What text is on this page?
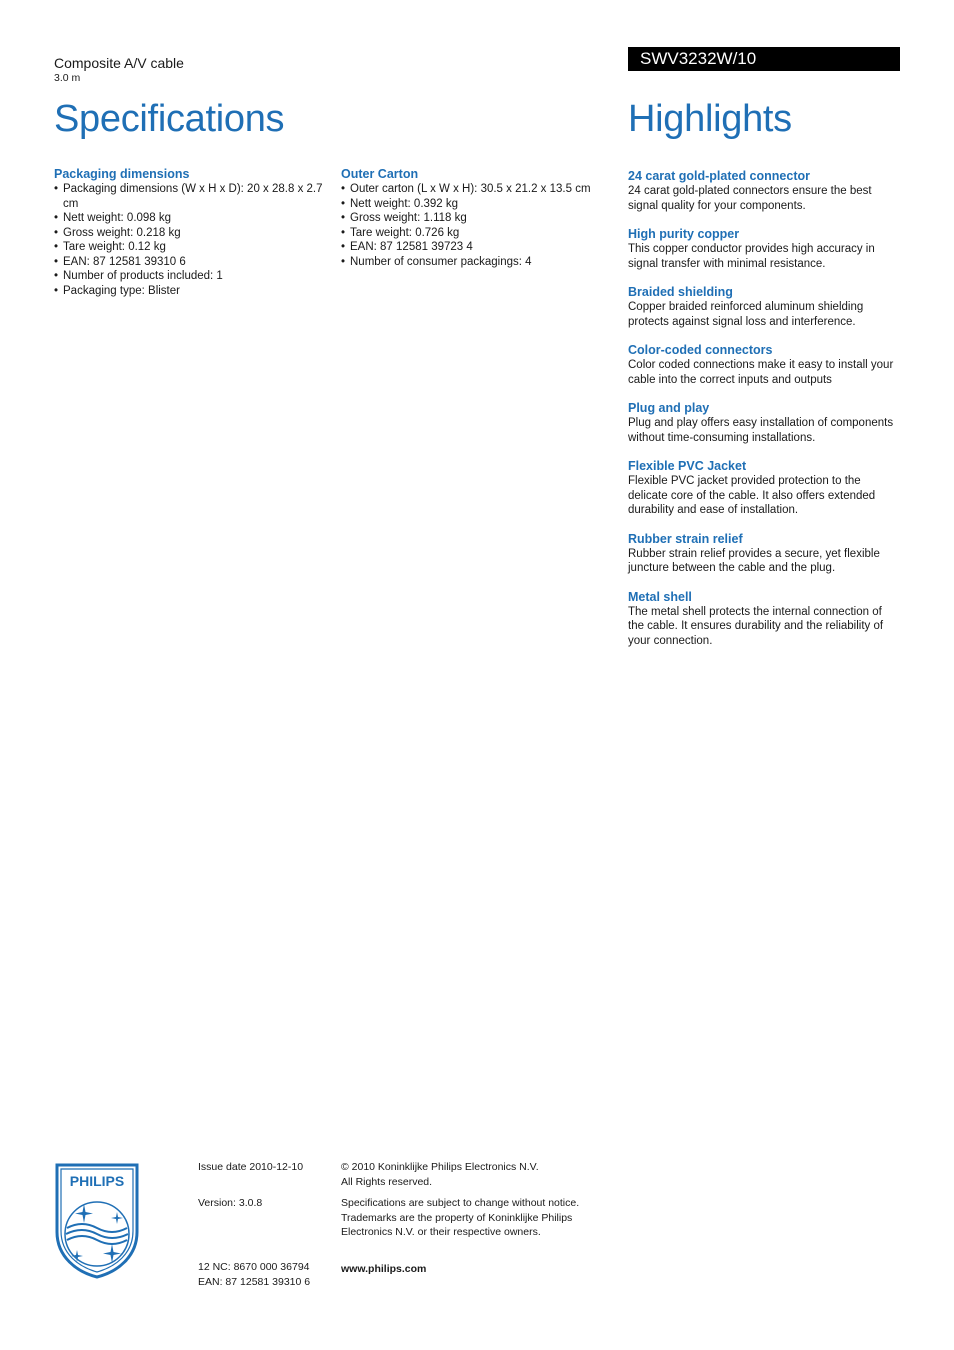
Composite A/V cable
3.0 m
Specifications
SWV3232W/10
Highlights
Packaging dimensions
• Packaging dimensions (W x H x D): 20 x 28.8 x 2.7 cm
• Nett weight: 0.098 kg
• Gross weight: 0.218 kg
• Tare weight: 0.12 kg
• EAN: 87 12581 39310 6
• Number of products included: 1
• Packaging type: Blister
Outer Carton
• Outer carton (L x W x H): 30.5 x 21.2 x 13.5 cm
• Nett weight: 0.392 kg
• Gross weight: 1.118 kg
• Tare weight: 0.726 kg
• EAN: 87 12581 39723 4
• Number of consumer packagings: 4
24 carat gold-plated connector
24 carat gold-plated connectors ensure the best signal quality for your components.
High purity copper
This copper conductor provides high accuracy in signal transfer with minimal resistance.
Braided shielding
Copper braided reinforced aluminum shielding protects against signal loss and interference.
Color-coded connectors
Color coded connections make it easy to install your cable into the correct inputs and outputs
Plug and play
Plug and play offers easy installation of components without time-consuming installations.
Flexible PVC Jacket
Flexible PVC jacket provided protection to the delicate core of the cable. It also offers extended durability and ease of installation.
Rubber strain relief
Rubber strain relief provides a secure, yet flexible juncture between the cable and the plug.
Metal shell
The metal shell protects the internal connection of the cable. It ensures durability and the reliability of your connection.
PHILIPS
Issue date 2010-12-10
Version: 3.0.8
12 NC: 8670 000 36794
EAN: 87 12581 39310 6
© 2010 Koninklijke Philips Electronics N.V.
All Rights reserved.
Specifications are subject to change without notice.
Trademarks are the property of Koninklijke Philips
Electronics N.V. or their respective owners.
www.philips.com
